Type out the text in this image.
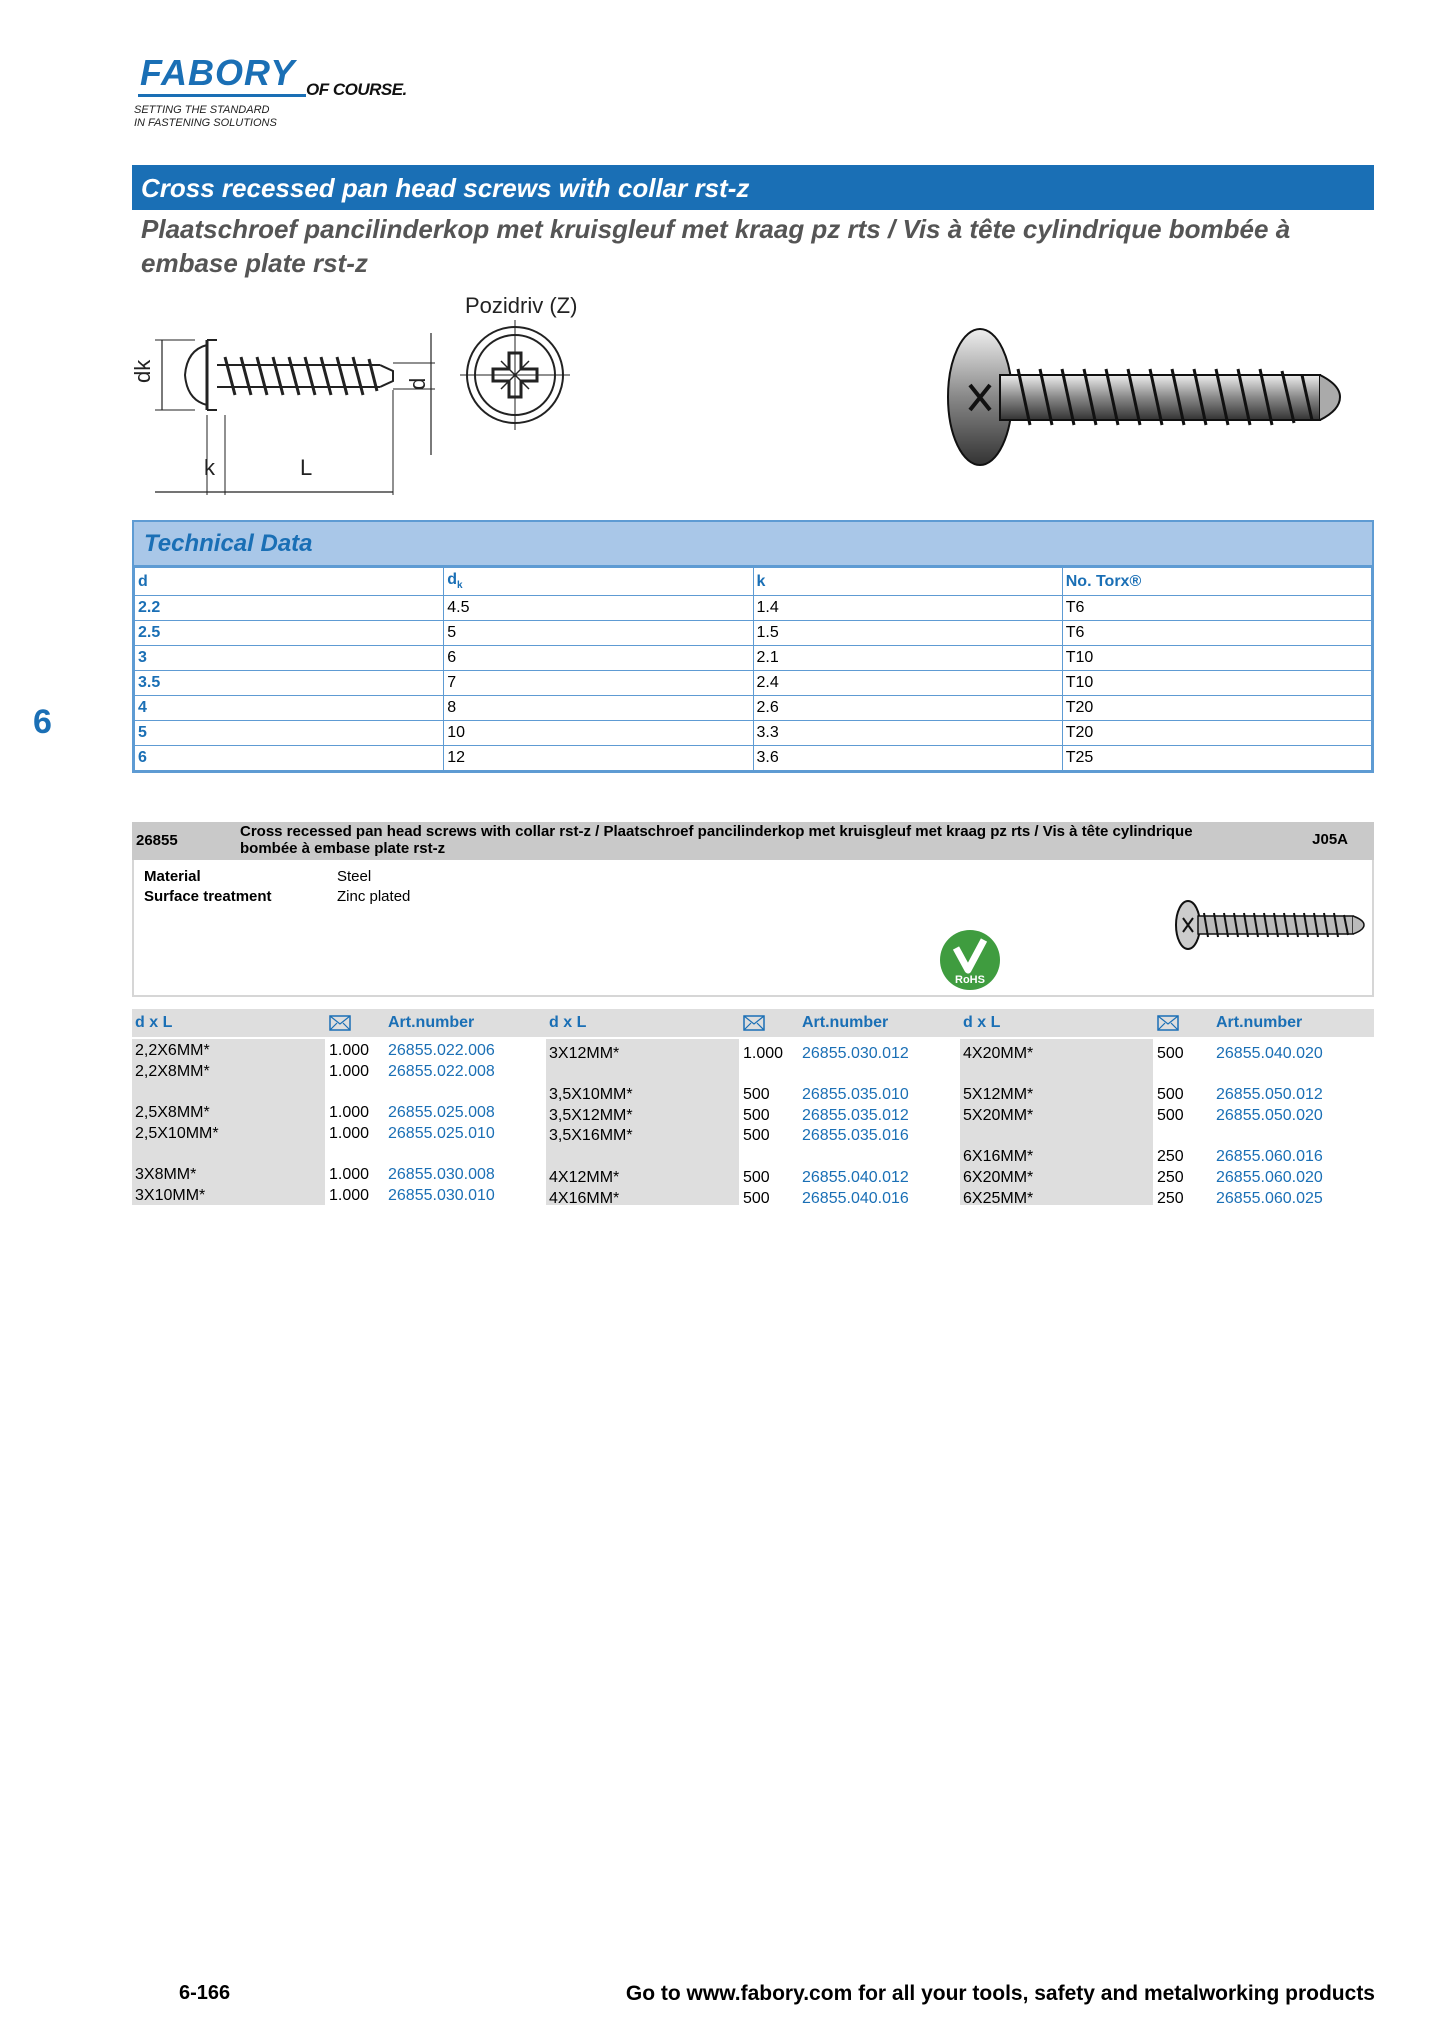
FABORY OF COURSE.
SETTING THE STANDARD
IN FASTENING SOLUTIONS
Cross recessed pan head screws with collar rst-z
Plaatschroef pancilinderkop met kruisgleuf met kraag pz rts / Vis à tête cylindrique bombée à embase plate rst-z
Pozidriv (Z)
dk
d
k	L
Technical Data
d	$d_k$	k	No. Torx®
2.2	4.5	1.4	T6
2.5	5	1.5	T6
3	6	2.1	T10
3.5	7	2.4	T10
4	8	2.6	T20
5	10	3.3	T20
6	12	3.6	T25
6
26855
Cross recessed pan head screws with collar rst-z / Plaatschroef pancilinderkop met kruisgleuf met kraag pz rts / Vis à tête cylindrique bombée à embase plate rst-z
J05A
Material	Steel
Surface treatment	Zinc plated
RoHS
d x L	Art.number	d x L	Art.number	d x L	Art.number
2,2X6MM*	1.000 26855.022.006
2,2X8MM*	1.000 26855.022.008
2,5X8MM*	1.000 26855.025.008
2,5X10MM*	1.000 26855.025.010
3X8MM*	1.000 26855.030.008
3X10MM*	1.000 26855.030.010
3X12MM*	1.000 26855.030.012
3,5X10MM*	500 26855.035.010
3,5X12MM*	500 26855.035.012
3,5X16MM*	500 26855.035.016
4X12MM*	500 26855.040.012
4X16MM*	500 26855.040.016
4X20MM*	500 26855.040.020
5X12MM*	500 26855.050.012
5X20MM*	500 26855.050.020
6X16MM*	250 26855.060.016
6X20MM*	250 26855.060.020
6X25MM*	250 26855.060.025
6-166	Go to www.fabory.com for all your tools, safety and metalworking products
